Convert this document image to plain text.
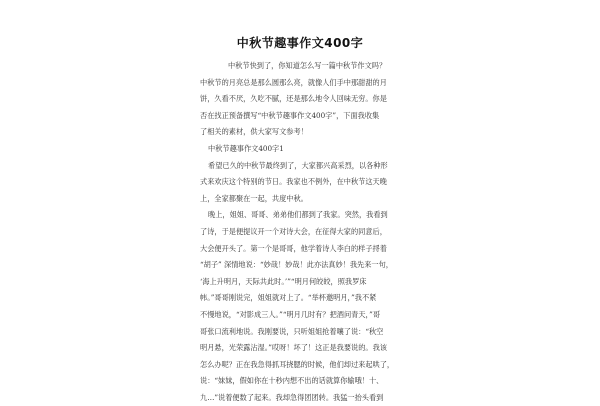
中秋节趣事作文400字
中秋节快到了，你知道怎么写一篇中秋节作文吗？
中秋节的月亮总是那么圆那么亮，就像人们手中那甜甜的月
饼，久看不厌，久吃不腻，还是那么地令人回味无穷。你是
否在找正预备撰写“中秋节趣事作文400字”，下面我收集
了相关的素材，供大家写文参考！
中秋节趣事作文400字1
希望已久的中秋节最终到了，大家都兴高采烈，以各种形
式来欢庆这个特别的节日。我家也不例外，在中秋节这天晚
上，全家都聚在一起，共度中秋。
晚上，姐姐、哥哥、弟弟他们都到了我家。突然，我看到
了诗，于是便提议开一个对诗大会，在征得大家的同意后，
大会便开头了。第一个是哥哥，他学着诗人李白的样子捋着
“胡子” 深情地说：“妙哉！妙哉！此亦法真妙！我先来一句，
‘海上升明月，天际共此时。’”“明月何皎皎，照我罗床
帏。”哥哥刚说完，姐姐就对上了。“举杯邀明月，”我不紧
不慢地说，“对影成三人。”“明月几时有？把酒问青天，”哥
哥张口流利地说。我刚要说，只听姐姐抢着嚷了说：“秋空
明月悬，光荣露沾湿。”哎呀！坏了！这正是我要说的。我该
怎么办呢？正在我急得抓耳挠腮的时候，他们却过来起哄了，
说：“妹妹，假如你在十秒内想不出的话就算你输哦！十、
九…”说着便数了起来。我却急得团团转。我猛一抬头看到
